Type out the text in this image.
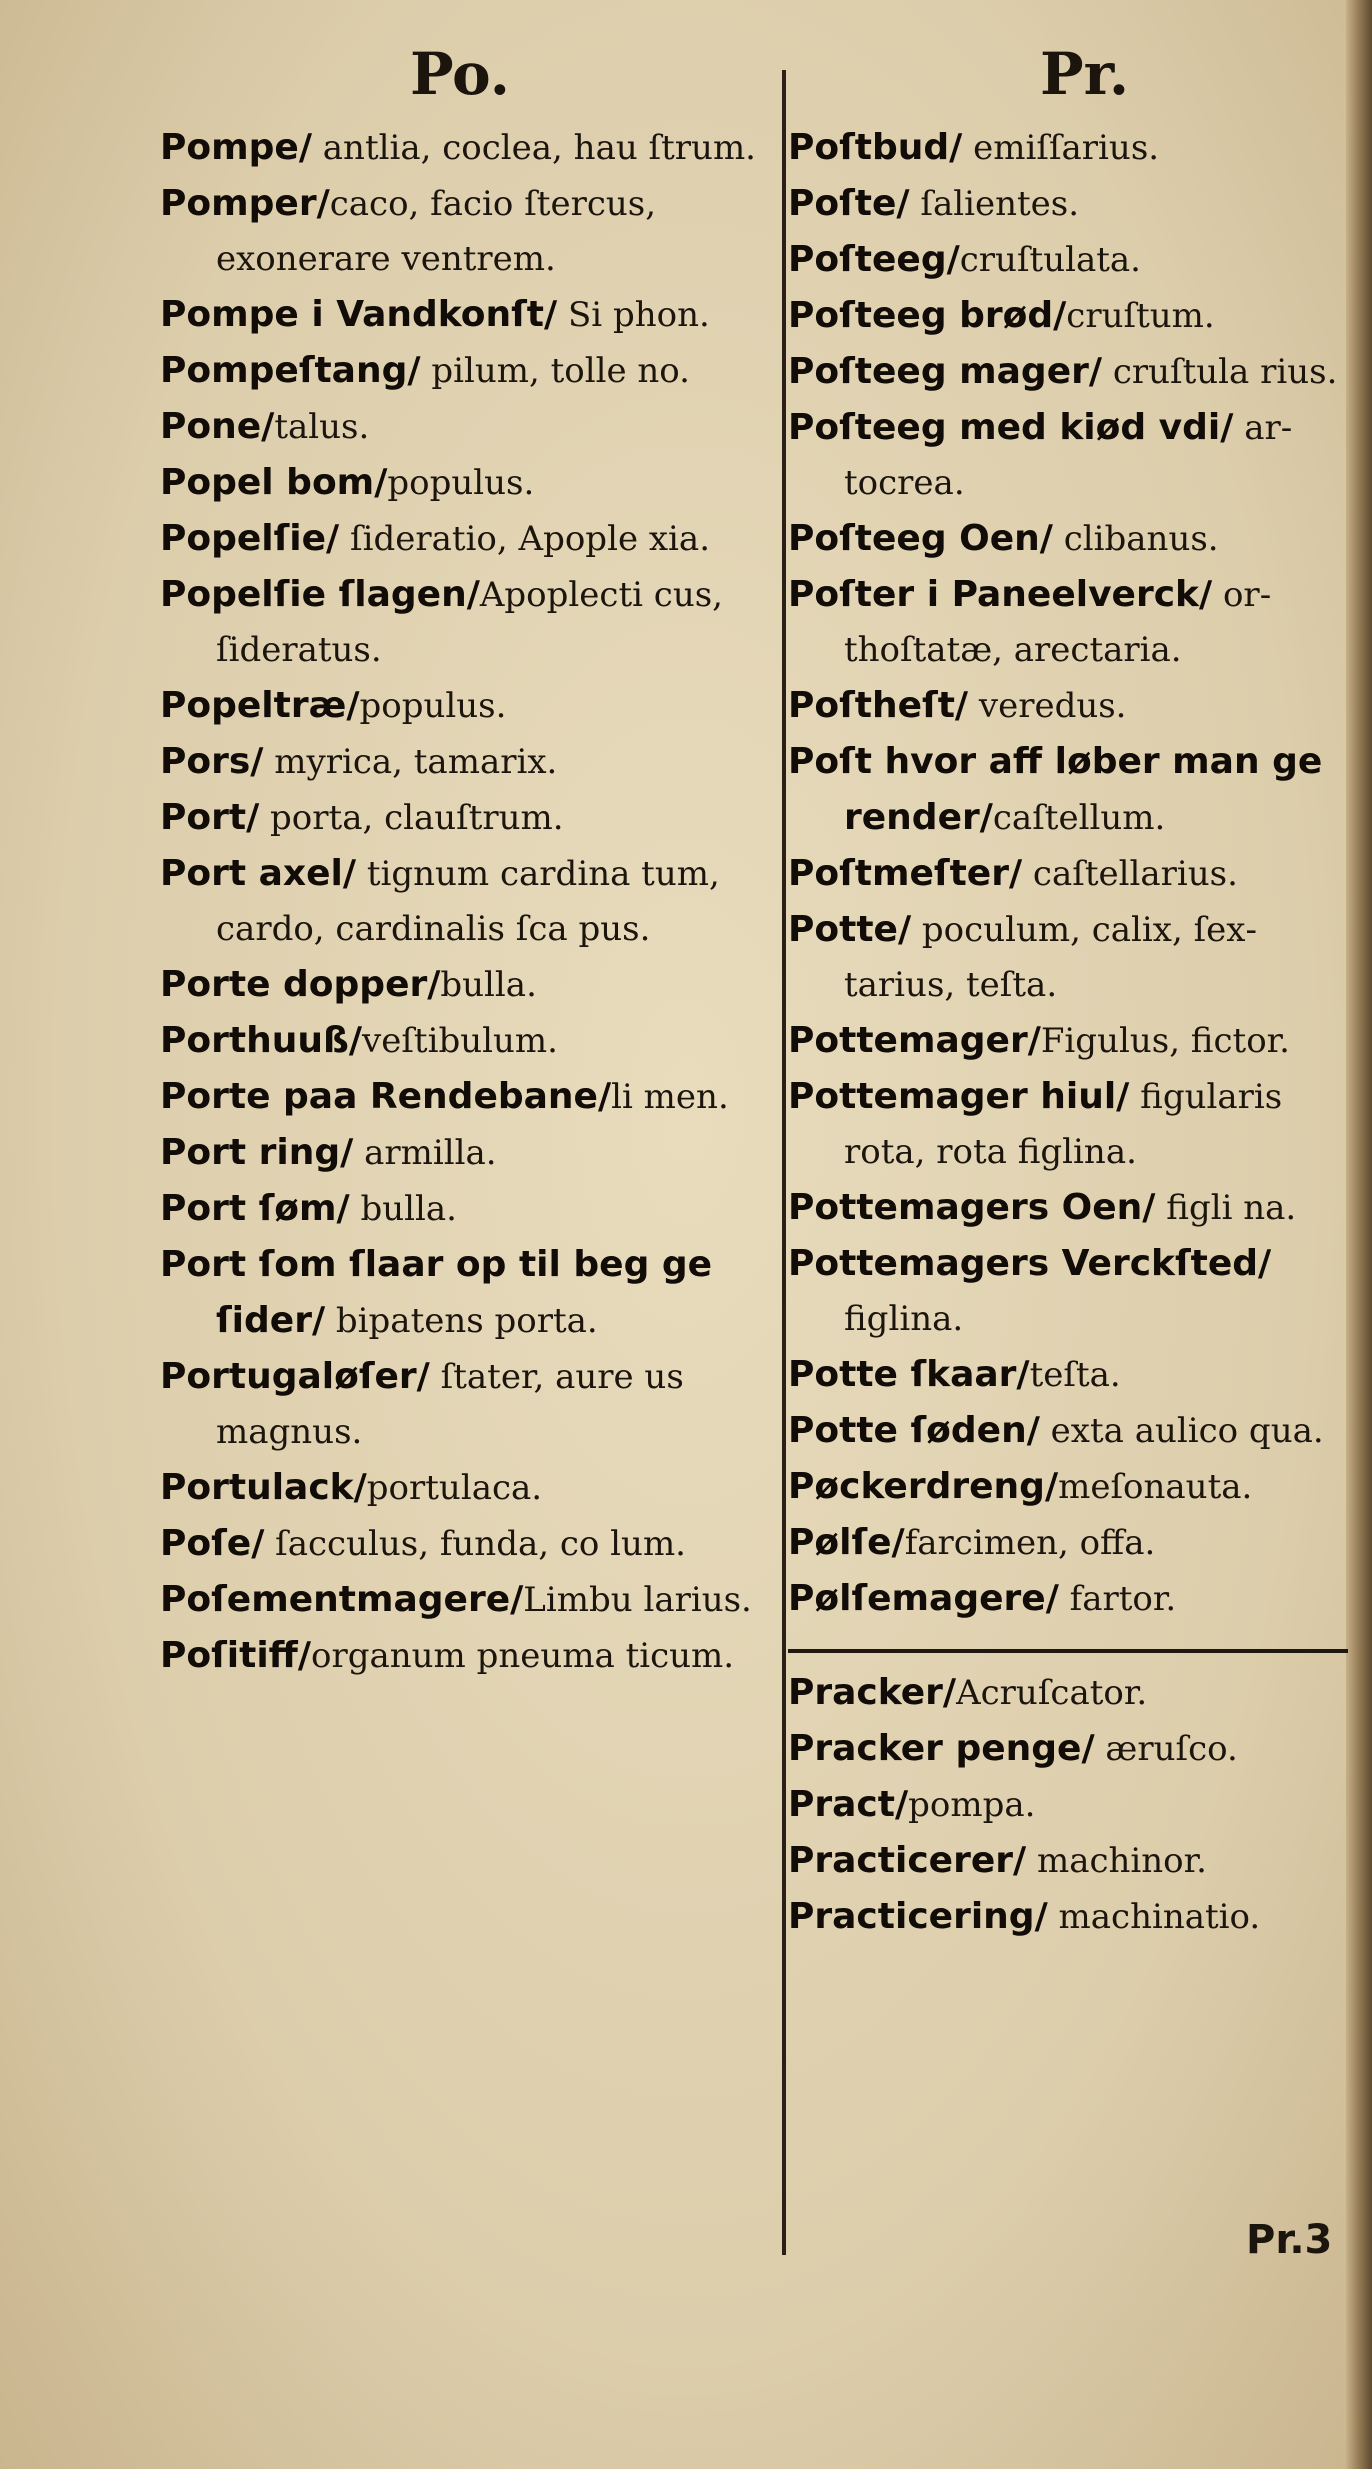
Po.	Pr.
Pompe/ antlia, coclea, hau ſtrum.
Pomper/caco, facio ſtercus, exonerare ventrem.
Pompe i Vandkonſt/ Si phon.
Pompeſtang/ pilum, tolle no.
Pone/talus.
Popel bom/populus.
Popelſie/ ſideratio, Apople xia.
Popelſie ſlagen/Apoplecti cus, ſideratus.
Popeltræ/populus.
Pors/ myrica, tamarix.
Port/ porta, clauſtrum.
Port axel/ tignum cardina tum, cardo, cardinalis ſca pus.
Porte dopper/bulla.
Porthuuß/veſtibulum.
Porte paa Rendebane/li men.
Port ring/ armilla.
Port ſøm/ bulla.
Port ſom ſlaar op til beg ge ſider/ bipatens porta.
Portugaløſer/ ſtater, aure us magnus.
Portulack/portulaca.
Poſe/ ſacculus, funda, co lum.
Poſementmagere/Limbu larius.
Poſitiff/organum pneuma ticum.
Poſtbud/ emiſſarius.
Poſte/ ſalientes.
Poſteeg/cruſtulata.
Poſteeg brød/cruſtum.
Poſteeg mager/ cruſtula rius.
Poſteeg med kiød vdi/ ar tocrea.
Poſteeg Oen/ clibanus.
Poſter i Paneelverck/ or thoſtatæ, arectaria.
Poſtheſt/ veredus.
Poſt hvor aff løber man ge render/caſtellum.
Poſtmeſter/ caſtellarius.
Potte/ poculum, calix, ſex tarius, teſta.
Pottemager/Figulus, fictor.
Pottemager hiul/ figularis rota, rota figlina.
Pottemagers Oen/ figli na.
Pottemagers Verckſted/ figlina.
Potte ſkaar/teſta.
Potte ſøden/ exta aulico qua.
Pøckerdreng/meſonauta.
Pølſe/farcimen, offa.
Pølſemagere/ fartor.
Pracker/Acruſcator.
Pracker penge/ æruſco.
Pract/pompa.
Practicerer/ machinor.
Practicering/ machinatio.
Pr.3
